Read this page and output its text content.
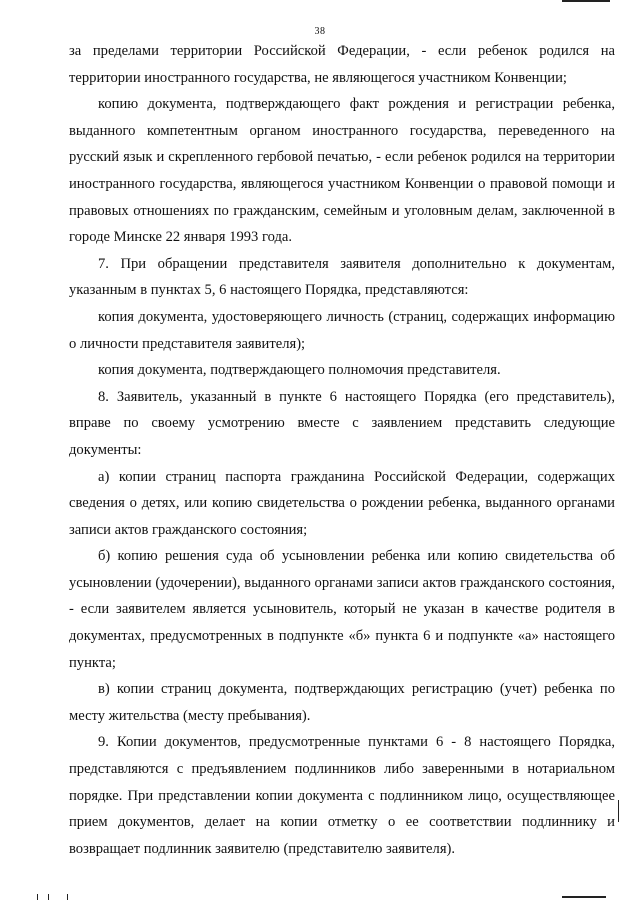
38

за пределами территории Российской Федерации, - если ребенок родился на территории иностранного государства, не являющегося участником Конвенции;

копию документа, подтверждающего факт рождения и регистрации ребенка, выданного компетентным органом иностранного государства, переведенного на русский язык и скрепленного гербовой печатью, - если ребенок родился на территории иностранного государства, являющегося участником Конвенции о правовой помощи и правовых отношениях по гражданским, семейным и уголовным делам, заключенной в городе Минске 22 января 1993 года.

7. При обращении представителя заявителя дополнительно к документам, указанным в пунктах 5, 6 настоящего Порядка, представляются:

копия документа, удостоверяющего личность (страниц, содержащих информацию о личности представителя заявителя);

копия документа, подтверждающего полномочия представителя.

8. Заявитель, указанный в пункте 6 настоящего Порядка (его представитель), вправе по своему усмотрению вместе с заявлением представить следующие документы:

а) копии страниц паспорта гражданина Российской Федерации, содержащих сведения о детях, или копию свидетельства о рождении ребенка, выданного органами записи актов гражданского состояния;

б) копию решения суда об усыновлении ребенка или копию свидетельства об усыновлении (удочерении), выданного органами записи актов гражданского состояния, - если заявителем является усыновитель, который не указан в качестве родителя в документах, предусмотренных в подпункте «б» пункта 6 и подпункте «а» настоящего пункта;

в) копии страниц документа, подтверждающих регистрацию (учет) ребенка по месту жительства (месту пребывания).

9. Копии документов, предусмотренные пунктами 6 - 8 настоящего Порядка, представляются с предъявлением подлинников либо заверенными в нотариальном порядке. При представлении копии документа с подлинником лицо, осуществляющее прием документов, делает на копии отметку о ее соответствии подлиннику и возвращает подлинник заявителю (представителю заявителя).
